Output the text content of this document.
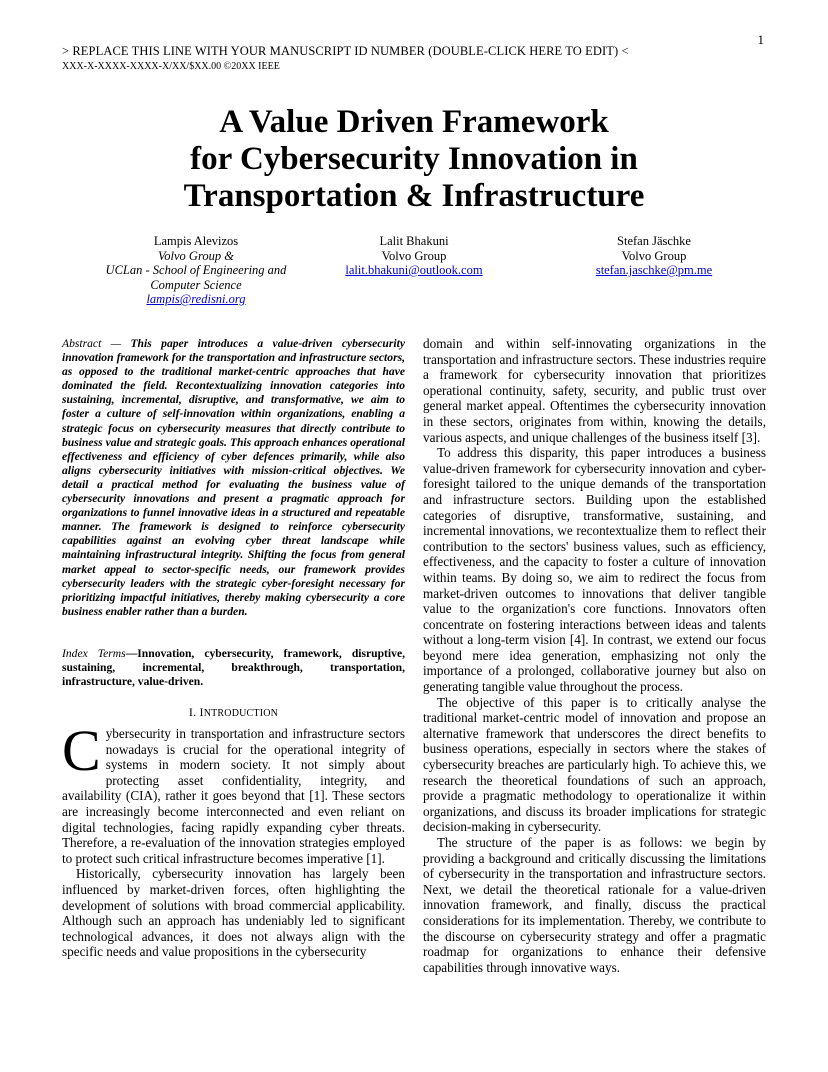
1
> REPLACE THIS LINE WITH YOUR MANUSCRIPT ID NUMBER (DOUBLE-CLICK HERE TO EDIT) <
XXX-X-XXXX-XXXX-X/XX/$XX.00 ©20XX IEEE
A Value Driven Framework
for Cybersecurity Innovation in
Transportation & Infrastructure
Lampis Alevizos
Volvo Group &
UCLan - School of Engineering and
Computer Science
lampis@redisni.org
Lalit Bhakuni
Volvo Group
lalit.bhakuni@outlook.com
Stefan Jäschke
Volvo Group
stefan.jaschke@pm.me

Abstract — This paper introduces a value-driven cybersecurity innovation framework for the transportation and infrastructure sectors, as opposed to the traditional market-centric approaches that have dominated the field. Recontextualizing innovation categories into sustaining, incremental, disruptive, and transformative, we aim to foster a culture of self-innovation within organizations, enabling a strategic focus on cybersecurity measures that directly contribute to business value and strategic goals. This approach enhances operational effectiveness and efficiency of cyber defences primarily, while also aligns cybersecurity initiatives with mission-critical objectives. We detail a practical method for evaluating the business value of cybersecurity innovations and present a pragmatic approach for organizations to funnel innovative ideas in a structured and repeatable manner. The framework is designed to reinforce cybersecurity capabilities against an evolving cyber threat landscape while maintaining infrastructural integrity. Shifting the focus from general market appeal to sector-specific needs, our framework provides cybersecurity leaders with the strategic cyber-foresight necessary for prioritizing impactful initiatives, thereby making cybersecurity a core business enabler rather than a burden.

Index Terms—Innovation, cybersecurity, framework, disruptive, sustaining, incremental, breakthrough, transportation, infrastructure, value-driven.

I. INTRODUCTION
C ybersecurity in transportation and infrastructure sectors nowadays is crucial for the operational integrity of systems in modern society. It not simply about protecting asset confidentiality, integrity, and availability (CIA), rather it goes beyond that [1]. These sectors are increasingly become interconnected and even reliant on digital technologies, facing rapidly expanding cyber threats. Therefore, a re-evaluation of the innovation strategies employed to protect such critical infrastructure becomes imperative [1].

Historically, cybersecurity innovation has largely been influenced by market-driven forces, often highlighting the development of solutions with broad commercial applicability. Although such an approach has undeniably led to significant technological advances, it does not always align with the specific needs and value propositions in the cybersecurity

domain and within self-innovating organizations in the transportation and infrastructure sectors. These industries require a framework for cybersecurity innovation that prioritizes operational continuity, safety, security, and public trust over general market appeal. Oftentimes the cybersecurity innovation in these sectors, originates from within, knowing the details, various aspects, and unique challenges of the business itself [3].

To address this disparity, this paper introduces a business value-driven framework for cybersecurity innovation and cyber-foresight tailored to the unique demands of the transportation and infrastructure sectors. Building upon the established categories of disruptive, transformative, sustaining, and incremental innovations, we recontextualize them to reflect their contribution to the sectors' business values, such as efficiency, effectiveness, and the capacity to foster a culture of innovation within teams. By doing so, we aim to redirect the focus from market-driven outcomes to innovations that deliver tangible value to the organization's core functions. Innovators often concentrate on fostering interactions between ideas and talents without a long-term vision [4]. In contrast, we extend our focus beyond mere idea generation, emphasizing not only the importance of a prolonged, collaborative journey but also on generating tangible value throughout the process.

The objective of this paper is to critically analyse the traditional market-centric model of innovation and propose an alternative framework that underscores the direct benefits to business operations, especially in sectors where the stakes of cybersecurity breaches are particularly high. To achieve this, we research the theoretical foundations of such an approach, provide a pragmatic methodology to operationalize it within organizations, and discuss its broader implications for strategic decision-making in cybersecurity.

The structure of the paper is as follows: we begin by providing a background and critically discussing the limitations of cybersecurity in the transportation and infrastructure sectors. Next, we detail the theoretical rationale for a value-driven innovation framework, and finally, discuss the practical considerations for its implementation. Thereby, we contribute to the discourse on cybersecurity strategy and offer a pragmatic roadmap for organizations to enhance their defensive capabilities through innovative ways.
